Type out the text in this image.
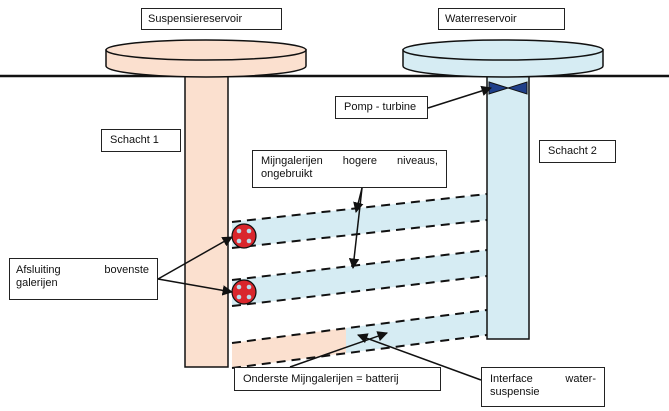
Suspensiereservoir	Waterreservoir
Pomp - turbine
Schacht 1
Schacht 2
Mijngalerijen hogere niveaus, ongebruikt
Afsluiting bovenste galerijen
Onderste Mijngalerijen = batterij	Interface water-suspensie
